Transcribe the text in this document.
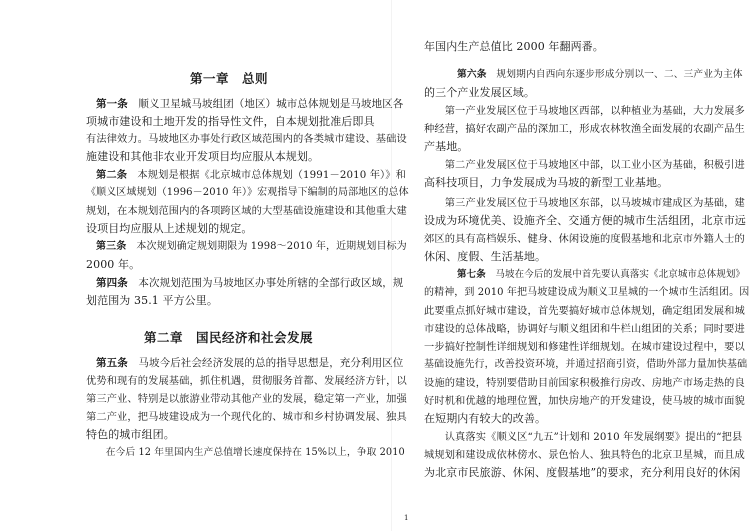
第一章　总则
第一条　顺义卫星城马坡组团（地区）城市总体规划是马坡地区各
项城市建设和土地开发的指导性文件，自本规划批准后即具
有法律效力。马坡地区办事处行政区域范围内的各类城市建设、基础设
施建设和其他非农业开发项目均应服从本规划。
第二条　本规划是根据《北京城市总体规划（1991－2010 年）》和
《顺义区域规划（1996－2010 年）》宏观指导下编制的局部地区的总体
规划，在本规划范围内的各项跨区域的大型基础设施建设和其他重大建
设项目均应服从上述规划的规定。
第三条　本次规划确定规划期限为 1998～2010 年，近期规划目标为
2000 年。
第四条　本次规划范围为马坡地区办事处所辖的全部行政区域，规
划范围为 35.1 平方公里。
第二章　国民经济和社会发展
第五条　马坡今后社会经济发展的总的指导思想是，充分利用区位
优势和现有的发展基础，抓住机遇，贯彻服务首都、发展经济方针，以
第三产业、特别是以旅游业带动其他产业的发展，稳定第一产业，加强
第二产业，把马坡建设成为一个现代化的、城市和乡村协调发展、独具
特色的城市组团。
　　在今后 12 年里国内生产总值增长速度保持在 15%以上，争取 2010
年国内生产总值比 2000 年翻两番。
第六条　规划期内自西向东逐步形成分别以一、二、三产业为主体
的三个产业发展区域。
　　第一产业发展区位于马坡地区西部，以种植业为基础，大力发展多
种经营，搞好农副产品的深加工，形成农林牧渔全面发展的农副产品生
产基地。
　　第二产业发展区位于马坡地区中部，以工业小区为基础，积极引进
高科技项目，力争发展成为马坡的新型工业基地。
　　第三产业发展区位于马坡地区东部，以马坡城市建成区为基础，建
设成为环境优美、设施齐全、交通方便的城市生活组团，北京市远
郊区的具有高档娱乐、健身、休闲设施的度假基地和北京市外籍人士的
休闲、度假、生活基地。
第七条　马坡在今后的发展中首先要认真落实《北京城市总体规划》
的精神，到 2010 年把马坡建设成为顺义卫星城的一个城市生活组团。因
此要重点抓好城市建设，首先要搞好城市总体规划，确定组团发展和城
市建设的总体战略，协调好与顺义组团和牛栏山组团的关系；同时要进
一步搞好控制性详细规划和修建性详细规划。在城市建设过程中，要以
基础设施先行，改善投资环境，并通过招商引资，借助外部力量加快基础
设施的建设，特别要借助目前国家积极推行房改、房地产市场走热的良
好时机和优越的地理位置，加快房地产的开发建设，使马坡的城市面貌
在短期内有较大的改善。
　　认真落实《顺义区“九五”计划和 2010 年发展纲要》提出的“把县
城规划和建设成依林傍水、景色怡人、独具特色的北京卫星城，而且成
为北京市民旅游、休闲、度假基地”的要求，充分利用良好的休闲
1
